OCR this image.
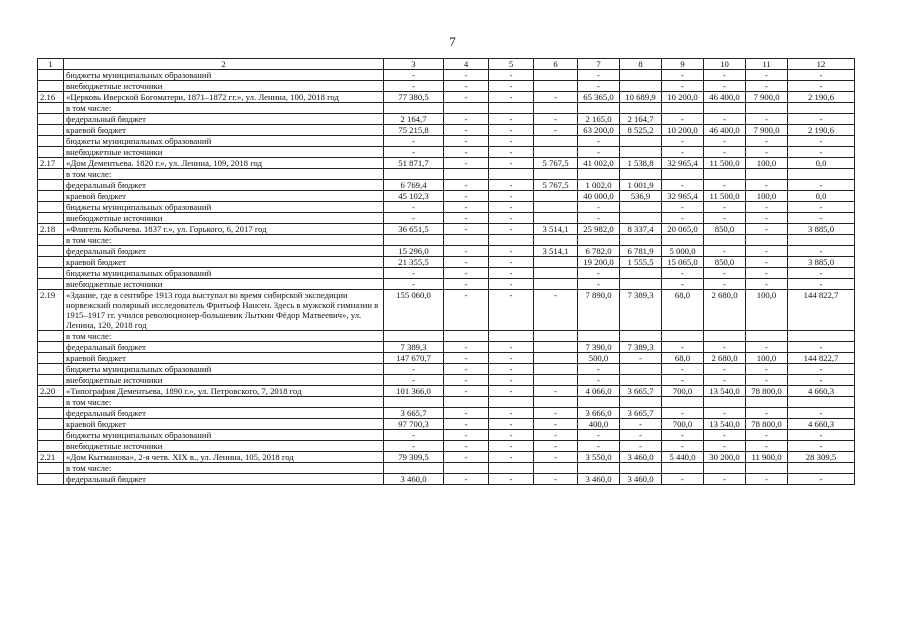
7
1	2	3	4	5	6	7	8	9	10	11	12
	бюджеты муниципальных образований	-	-	-		-		-	-	-	-
	внебюджетные источники	-	-	-		-		-	-	-	-
2.16	«Церковь Иверской Богоматери, 1871–1872 гг.», ул. Ленина, 100, 2018 год	77 380,5	-	-	-	65 365,0	10 689,9	10 200,0	46 400,0	7 900,0	2 190,6
	в том числе:										
	федеральный бюджет	2 164,7	-	-	-	2 165,0	2 164,7	-	-	-	-
	краевой бюджет	75 215,8	-	-	-	63 200,0	8 525,2	10 200,0	46 400,0	7 900,0	2 190,6
	бюджеты муниципальных образований	-	-	-		-		-	-	-	-
	внебюджетные источники	-	-	-		-		-	-	-	-
2.17	«Дом Дементьева. 1820 г.», ул. Ленина, 109, 2018 год	51 871,7	-	-	5 767,5	41 002,0	1 538,8	32 965,4	11 500,0	100,0	0,0
	в том числе:										
	федеральный бюджет	6 769,4	-	-	5 767,5	1 002,0	1 001,9	-	-	-	-
	краевой бюджет	45 102,3	-	-		40 000,0	536,9	32 965,4	11 500,0	100,0	0,0
	бюджеты муниципальных образований	-	-	-		-		-	-	-	-
	внебюджетные источники	-	-	-		-		-	-	-	-
2.18	«Флигель Кобычева. 1837 г.», ул. Горького, 6, 2017 год	36 651,5	-	-	3 514,1	25 982,0	8 337,4	20 065,0	850,0	-	3 885,0
	в том числе:										
	федеральный бюджет	15 296,0	-	-	3 514,1	6 782,0	6 781,9	5 000,0	-	-	-
	краевой бюджет	21 355,5	-	-		19 200,0	1 555,5	15 065,0	850,0	-	3 885,0
	бюджеты муниципальных образований	-	-	-		-		-	-	-	-
	внебюджетные источники	-	-	-		-		-	-	-	-
2.19	«Здание, где в сентябре 1913 года выступал во время сибирской экспедиции норвежский полярный исследователь Фритьоф Нансен. Здесь в мужской гимназии в 1915–1917 гг. учился революционер-большевик Лыткин Фёдор Матвеевич», ул. Ленина, 120, 2018 год	155 060,0	-	-	-	7 890,0	7 389,3	68,0	2 680,0	100,0	144 822,7
	в том числе:										
	федеральный бюджет	7 389,3	-	-		7 390,0	7 389,3	-	-	-	-
	краевой бюджет	147 670,7	-	-		500,0	-	68,0	2 680,0	100,0	144 822,7
	бюджеты муниципальных образований	-	-	-		-		-	-	-	-
	внебюджетные источники	-	-	-		-		-	-	-	-
2.20	«Типография Дементьева, 1890 г.», ул. Петровского, 7, 2018 год	101 366,0	-	-	-	4 066,0	3 665,7	700,0	13 540,0	78 800,0	4 660,3
	в том числе:										
	федеральный бюджет	3 665,7	-	-	-	3 666,0	3 665,7	-	-	-	-
	краевой бюджет	97 700,3	-	-	-	400,0	-	700,0	13 540,0	78 800,0	4 660,3
	бюджеты муниципальных образований	-	-	-	-	-	-	-	-	-	-
	внебюджетные источники	-	-	-	-	-	-	-	-	-	-
2.21	«Дом Кытманова», 2-я четв. XIX в., ул. Ленина, 105, 2018 год	79 309,5	-	-	-	3 550,0	3 460,0	5 440,0	30 200,0	11 900,0	28 309,5
	в том числе:										
	федеральный бюджет	3 460,0	-	-	-	3 460,0	3 460,0	-	-	-	-
